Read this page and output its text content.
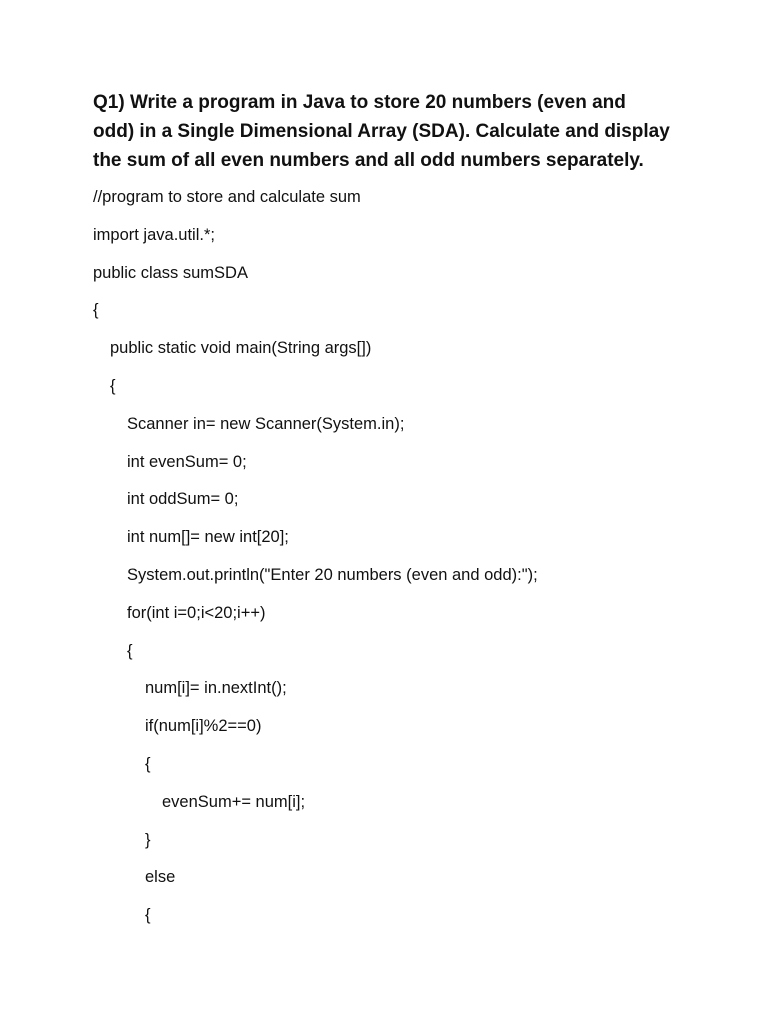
Q1) Write a program in Java to store 20 numbers (even and
odd) in a Single Dimensional Array (SDA). Calculate and display
the sum of all even numbers and all odd numbers separately.
//program to store and calculate sum
import java.util.*;
public class sumSDA
{
public static void main(String args[])
{
Scanner in= new Scanner(System.in);
int evenSum= 0;
int oddSum= 0;
int num[]= new int[20];
System.out.println("Enter 20 numbers (even and odd):");
for(int i=0;i<20;i++)
{
num[i]= in.nextInt();
if(num[i]%2==0)
{
evenSum+= num[i];
}
else
{
